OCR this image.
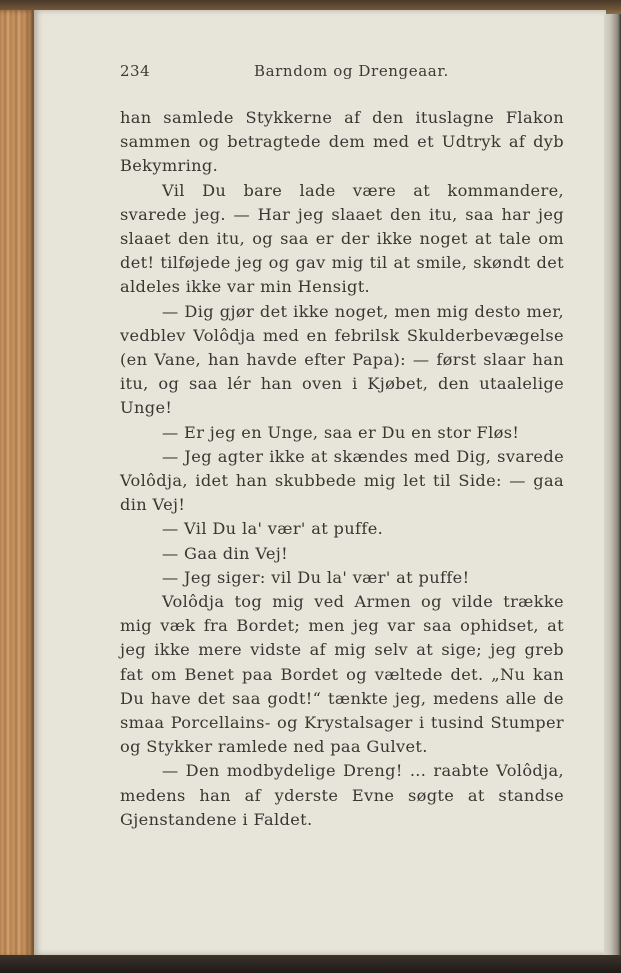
234	Barndom og Drengeaar.

han samlede Stykkerne af den ituslagne Flakon sammen og betragtede dem med et Udtryk af dyb Bekymring.

Vil Du bare lade være at kommandere, svarede jeg. — Har jeg slaaet den itu, saa har jeg slaaet den itu, og saa er der ikke noget at tale om det! tilføjede jeg og gav mig til at smile, skøndt det aldeles ikke var min Hensigt.

— Dig gjør det ikke noget, men mig desto mer, vedblev Volôdja med en febrilsk Skulderbevægelse (en Vane, han havde efter Papa): — først slaar han itu, og saa lér han oven i Kjøbet, den utaalelige Unge!

— Er jeg en Unge, saa er Du en stor Fløs!

— Jeg agter ikke at skændes med Dig, svarede Volôdja, idet han skubbede mig let til Side: — gaa din Vej!

— Vil Du la' vær' at puffe.

— Gaa din Vej!

— Jeg siger: vil Du la' vær' at puffe!

Volôdja tog mig ved Armen og vilde trække mig væk fra Bordet; men jeg var saa ophidset, at jeg ikke mere vidste af mig selv at sige; jeg greb fat om Benet paa Bordet og væltede det. „Nu kan Du have det saa godt!“ tænkte jeg, medens alle de smaa Porcellains- og Krystalsager i tusind Stumper og Stykker ramlede ned paa Gulvet.

— Den modbydelige Dreng! ... raabte Volôdja, medens han af yderste Evne søgte at standse Gjenstandene i Faldet.
